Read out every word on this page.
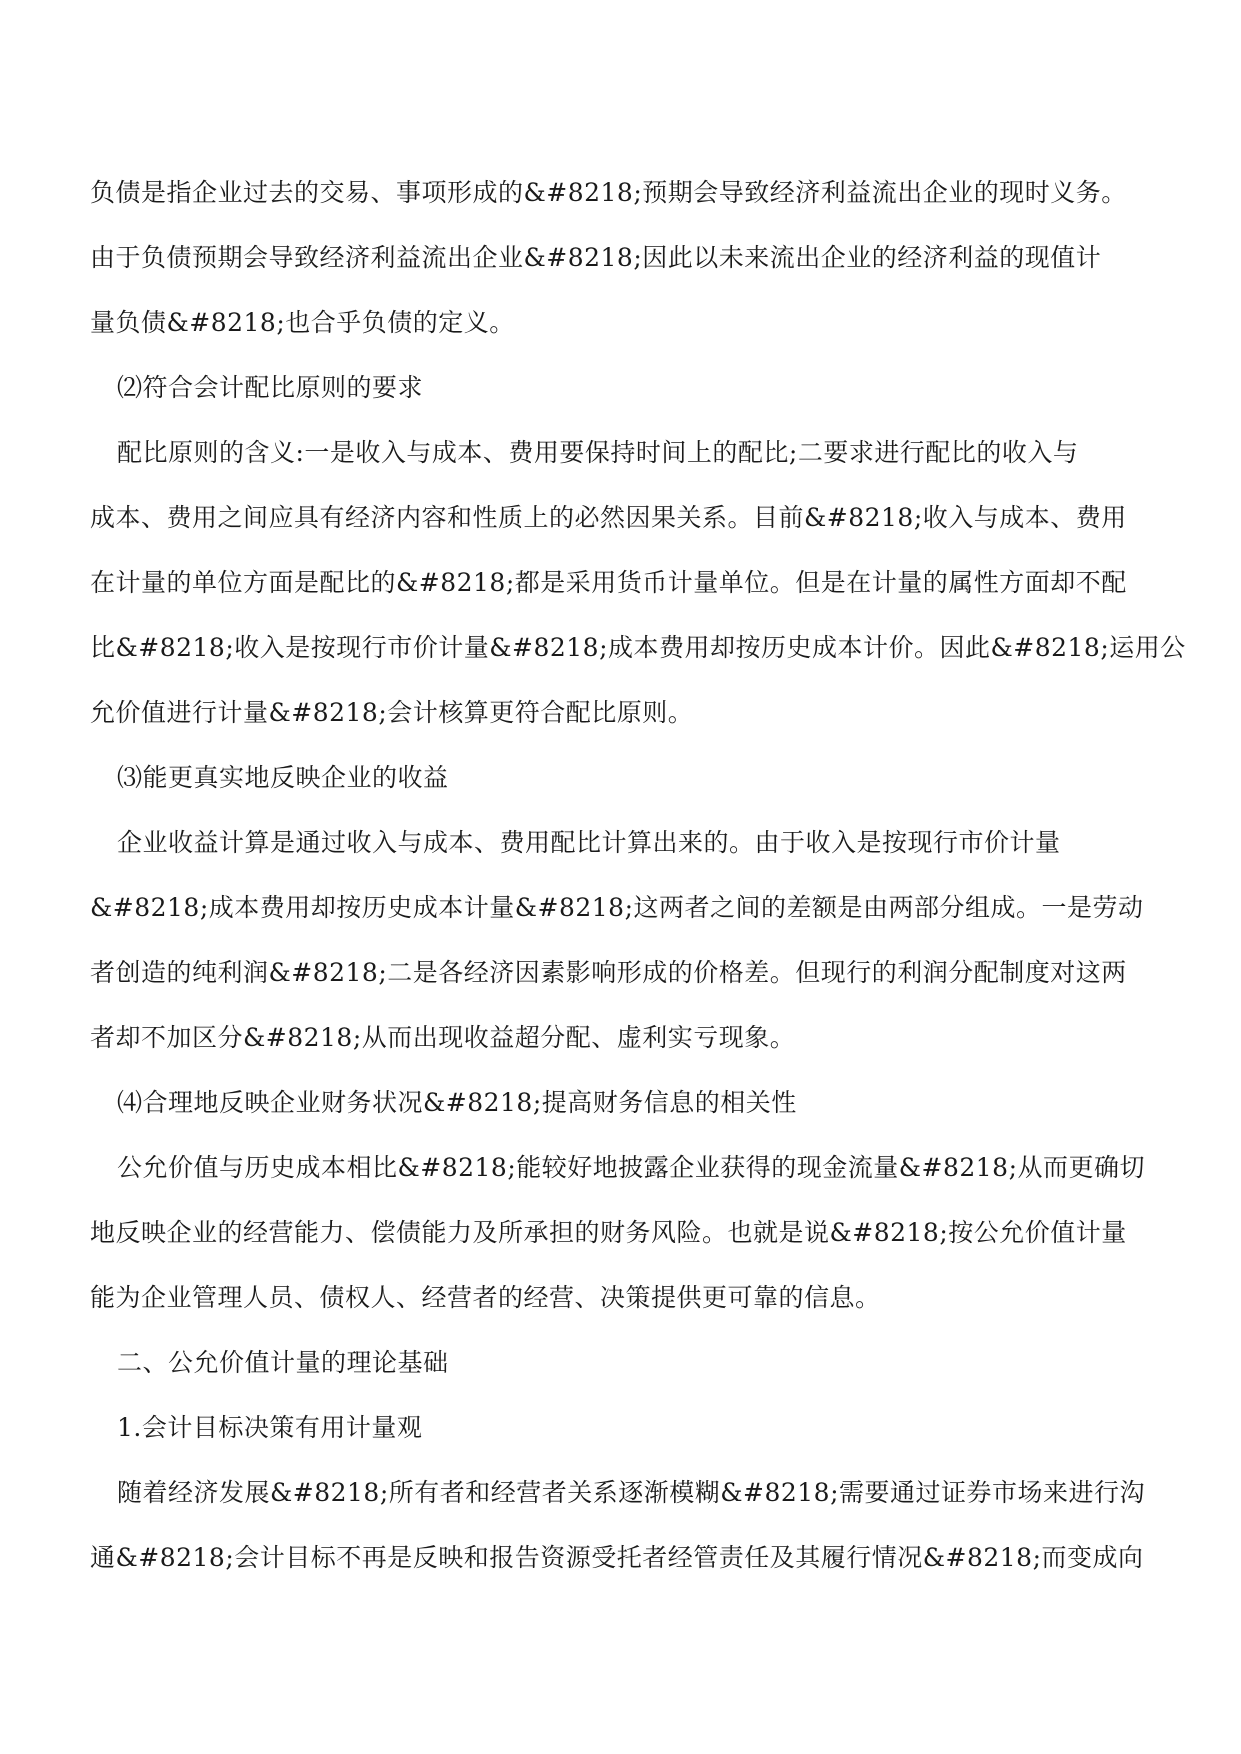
负债是指企业过去的交易、事项形成的&#8218;预期会导致经济利益流出企业的现时义务。
由于负债预期会导致经济利益流出企业&#8218;因此以未来流出企业的经济利益的现值计
量负债&#8218;也合乎负债的定义。
⑵符合会计配比原则的要求
配比原则的含义:一是收入与成本、费用要保持时间上的配比;二要求进行配比的收入与
成本、费用之间应具有经济内容和性质上的必然因果关系。目前&#8218;收入与成本、费用
在计量的单位方面是配比的&#8218;都是采用货币计量单位。但是在计量的属性方面却不配
比&#8218;收入是按现行市价计量&#8218;成本费用却按历史成本计价。因此&#8218;运用公
允价值进行计量&#8218;会计核算更符合配比原则。
⑶能更真实地反映企业的收益
企业收益计算是通过收入与成本、费用配比计算出来的。由于收入是按现行市价计量
&#8218;成本费用却按历史成本计量&#8218;这两者之间的差额是由两部分组成。一是劳动
者创造的纯利润&#8218;二是各经济因素影响形成的价格差。但现行的利润分配制度对这两
者却不加区分&#8218;从而出现收益超分配、虚利实亏现象。
⑷合理地反映企业财务状况&#8218;提高财务信息的相关性
公允价值与历史成本相比&#8218;能较好地披露企业获得的现金流量&#8218;从而更确切
地反映企业的经营能力、偿债能力及所承担的财务风险。也就是说&#8218;按公允价值计量
能为企业管理人员、债权人、经营者的经营、决策提供更可靠的信息。
二、公允价值计量的理论基础
1.会计目标决策有用计量观
随着经济发展&#8218;所有者和经营者关系逐渐模糊&#8218;需要通过证券市场来进行沟
通&#8218;会计目标不再是反映和报告资源受托者经管责任及其履行情况&#8218;而变成向
